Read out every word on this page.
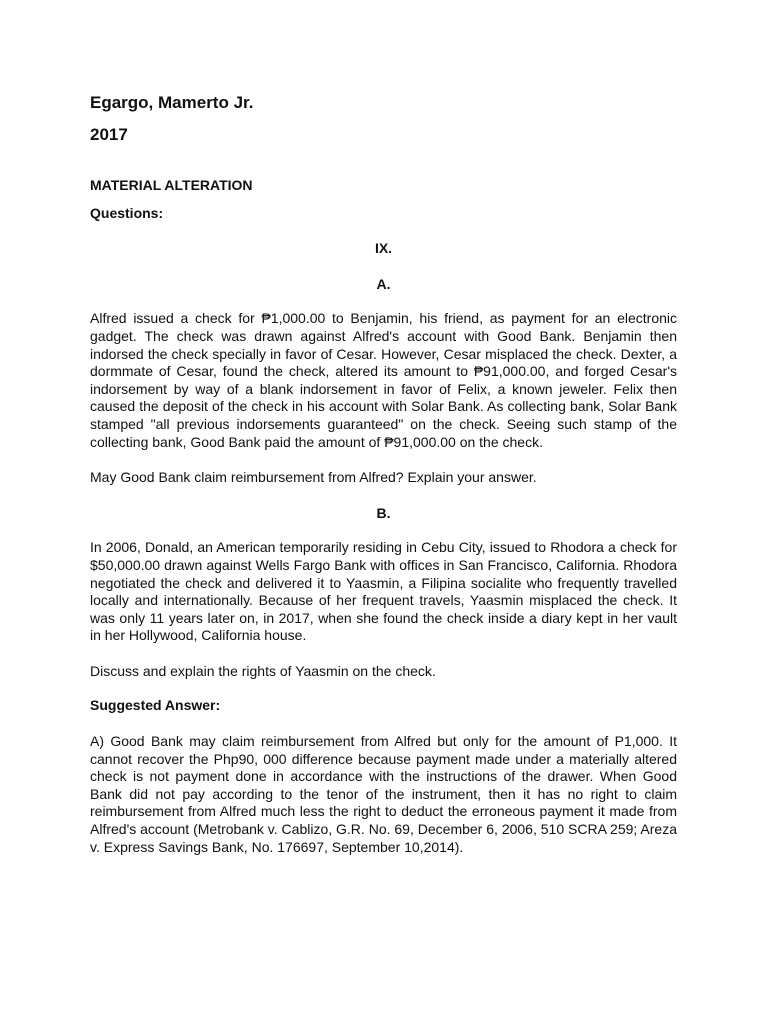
Egargo, Mamerto Jr.

2017

MATERIAL ALTERATION

Questions:

IX.

A.

Alfred issued a check for ₱1,000.00 to Benjamin, his friend, as payment for an electronic gadget. The check was drawn against Alfred's account with Good Bank. Benjamin then indorsed the check specially in favor of Cesar. However, Cesar misplaced the check. Dexter, a dormmate of Cesar, found the check, altered its amount to ₱91,000.00, and forged Cesar's indorsement by way of a blank indorsement in favor of Felix, a known jeweler. Felix then caused the deposit of the check in his account with Solar Bank. As collecting bank, Solar Bank stamped "all previous indorsements guaranteed" on the check. Seeing such stamp of the collecting bank, Good Bank paid the amount of ₱91,000.00 on the check.

May Good Bank claim reimbursement from Alfred? Explain your answer.

B.

In 2006, Donald, an American temporarily residing in Cebu City, issued to Rhodora a check for $50,000.00 drawn against Wells Fargo Bank with offices in San Francisco, California. Rhodora negotiated the check and delivered it to Yaasmin, a Filipina socialite who frequently travelled locally and internationally. Because of her frequent travels, Yaasmin misplaced the check. It was only 11 years later on, in 2017, when she found the check inside a diary kept in her vault in her Hollywood, California house.

Discuss and explain the rights of Yaasmin on the check.

Suggested Answer:

A) Good Bank may claim reimbursement from Alfred but only for the amount of P1,000. It cannot recover the Php90, 000 difference because payment made under a materially altered check is not payment done in accordance with the instructions of the drawer. When Good Bank did not pay according to the tenor of the instrument, then it has no right to claim reimbursement from Alfred much less the right to deduct the erroneous payment it made from Alfred's account (Metrobank v. Cablizo, G.R. No. 69, December 6, 2006, 510 SCRA 259; Areza v. Express Savings Bank, No. 176697, September 10,2014).
